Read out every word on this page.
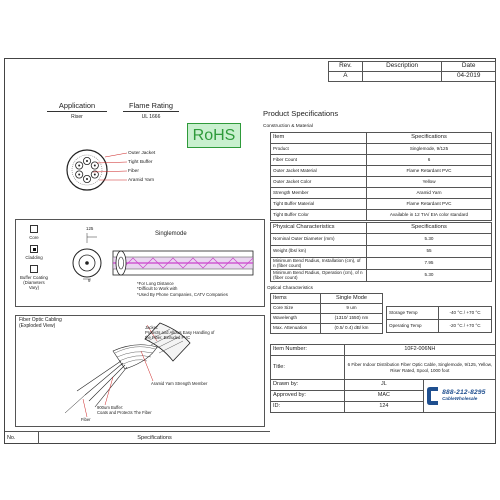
Rev.	Description	Date
A		04-2019
Application
Riser
Flame Rating
UL 1666
RoHS
Outer Jacket
Tight Buffer
Fiber
Aramid Yarn
Core
Cladding
Buffer Coating (Diameters Vary)
125
9
Singlemode
*For Long Distance
*Difficult to Work with
*Used By Phone Companies, CATV Companies
Fiber Optic Cabling
(Exploded View)	Jacket:
Protects and Allows Easy Handling of
the Fiber. Extruded PVC
Aramid Yarn Strength Member
900um Buffer:
Coats and Protects The Fiber
Fiber
Product Specifications
Construction & Material
Item	Specifications
Product	Singlemode, 9/125
Fiber Count	6
Outer Jacket Material	Flame Retardant PVC
Outer Jacket Color	Yellow
Strength Member	Aramid Yarn
Tight Buffer Material	Flame Retardant PVC
Tight Buffer Color	Available in 12 TIA/ EIA color standard
Physical Characteristics	Specifications
Nominal Outer Diameter (mm)	5.30
Weight (lbs/ km)	55
Minimum Bend Radius, Installation (cm), of n (fiber count)	7.95
Minimum Bend Radius, Operation (cm), of n (fiber count)	5.30
Optical Characteristics
Items	Single Mode
Core Size	9 um
Wavelength	(1310/ 1550) nm
Max. Attenuation	(0.5/ 0.4) dB/ km
Storage Temp	-40 °C / +70 °C
Operating Temp	-20 °C / +70 °C
Item Number:	10F2-006NH	
Title:	6 Fiber Indoor Distribution Fiber Optic Cable, Singlemode, 9/125, Yellow, Riser Rated, Spool, 1000 foot	
Drawn by:	JL	888-212-8295
CableWholesale

Approved by:	MAC	
ID:	124	
No.	Specifications
